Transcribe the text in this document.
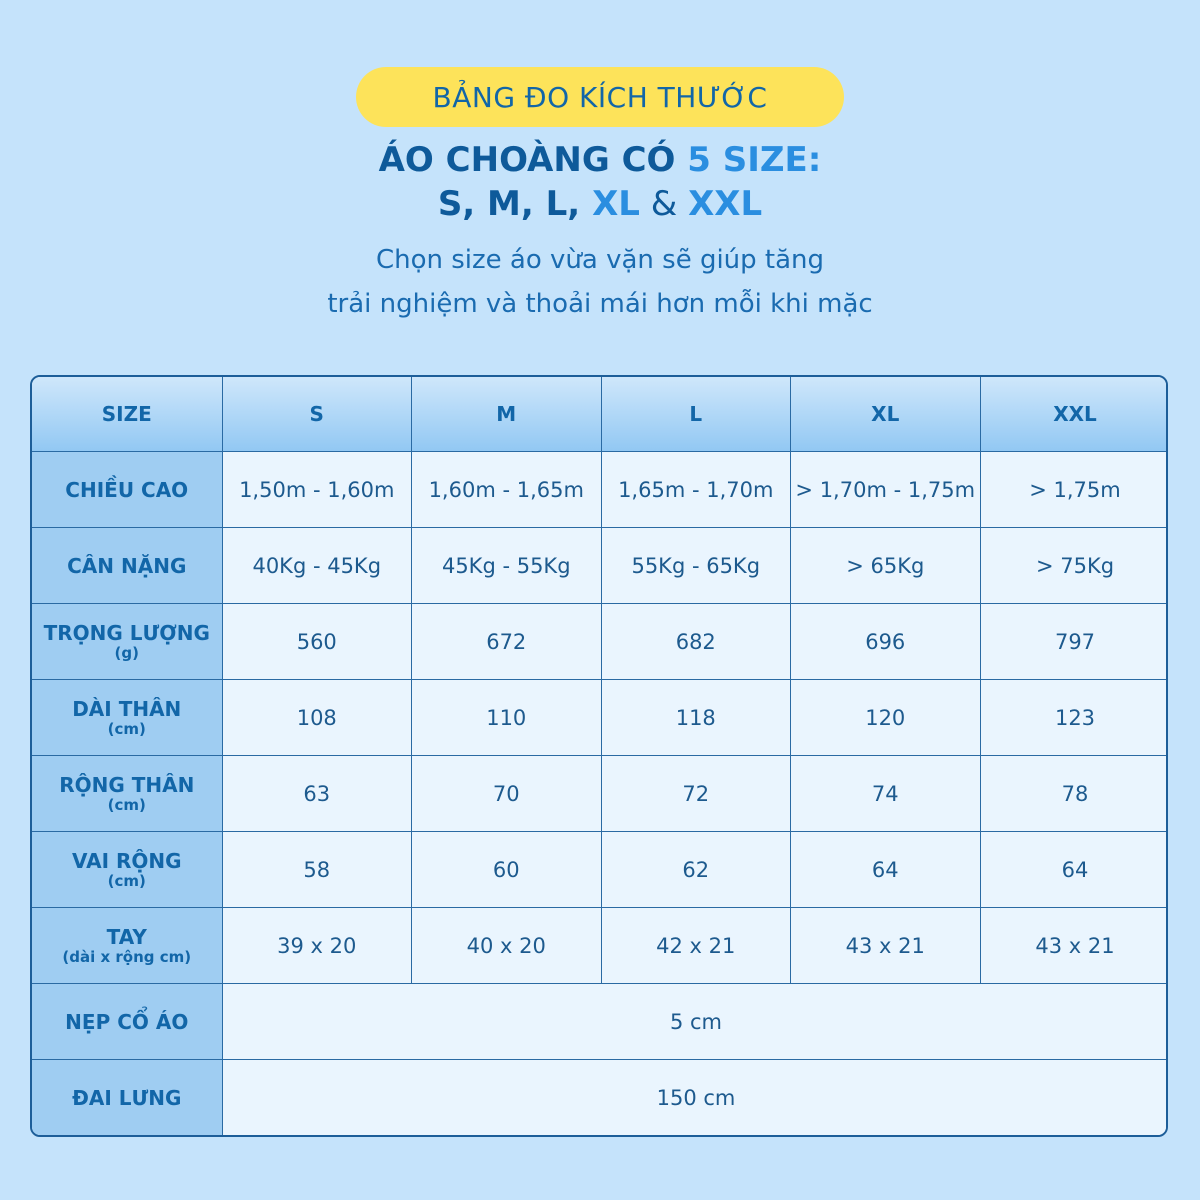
BẢNG ĐO KÍCH THƯỚC
ÁO CHOÀNG CÓ 5 SIZE:
S, M, L, XL & XXL
Chọn size áo vừa vặn sẽ giúp tăng
trải nghiệm và thoải mái hơn mỗi khi mặc
SIZE	S	M	L	XL	XXL
CHIỀU CAO	1,50m - 1,60m	1,60m - 1,65m	1,65m - 1,70m	> 1,70m - 1,75m	> 1,75m
CÂN NẶNG	40Kg - 45Kg	45Kg - 55Kg	55Kg - 65Kg	> 65Kg	> 75Kg
TRỌNG LƯỢNG
(g)	560	672	682	696	797
DÀI THÂN
(cm)	108	110	118	120	123
RỘNG THÂN
(cm)	63	70	72	74	78
VAI RỘNG
(cm)	58	60	62	64	64
TAY
(dài x rộng cm)	39 x 20	40 x 20	42 x 21	43 x 21	43 x 21
NẸP CỔ ÁO	5 cm				
ĐAI LƯNG	150 cm				
